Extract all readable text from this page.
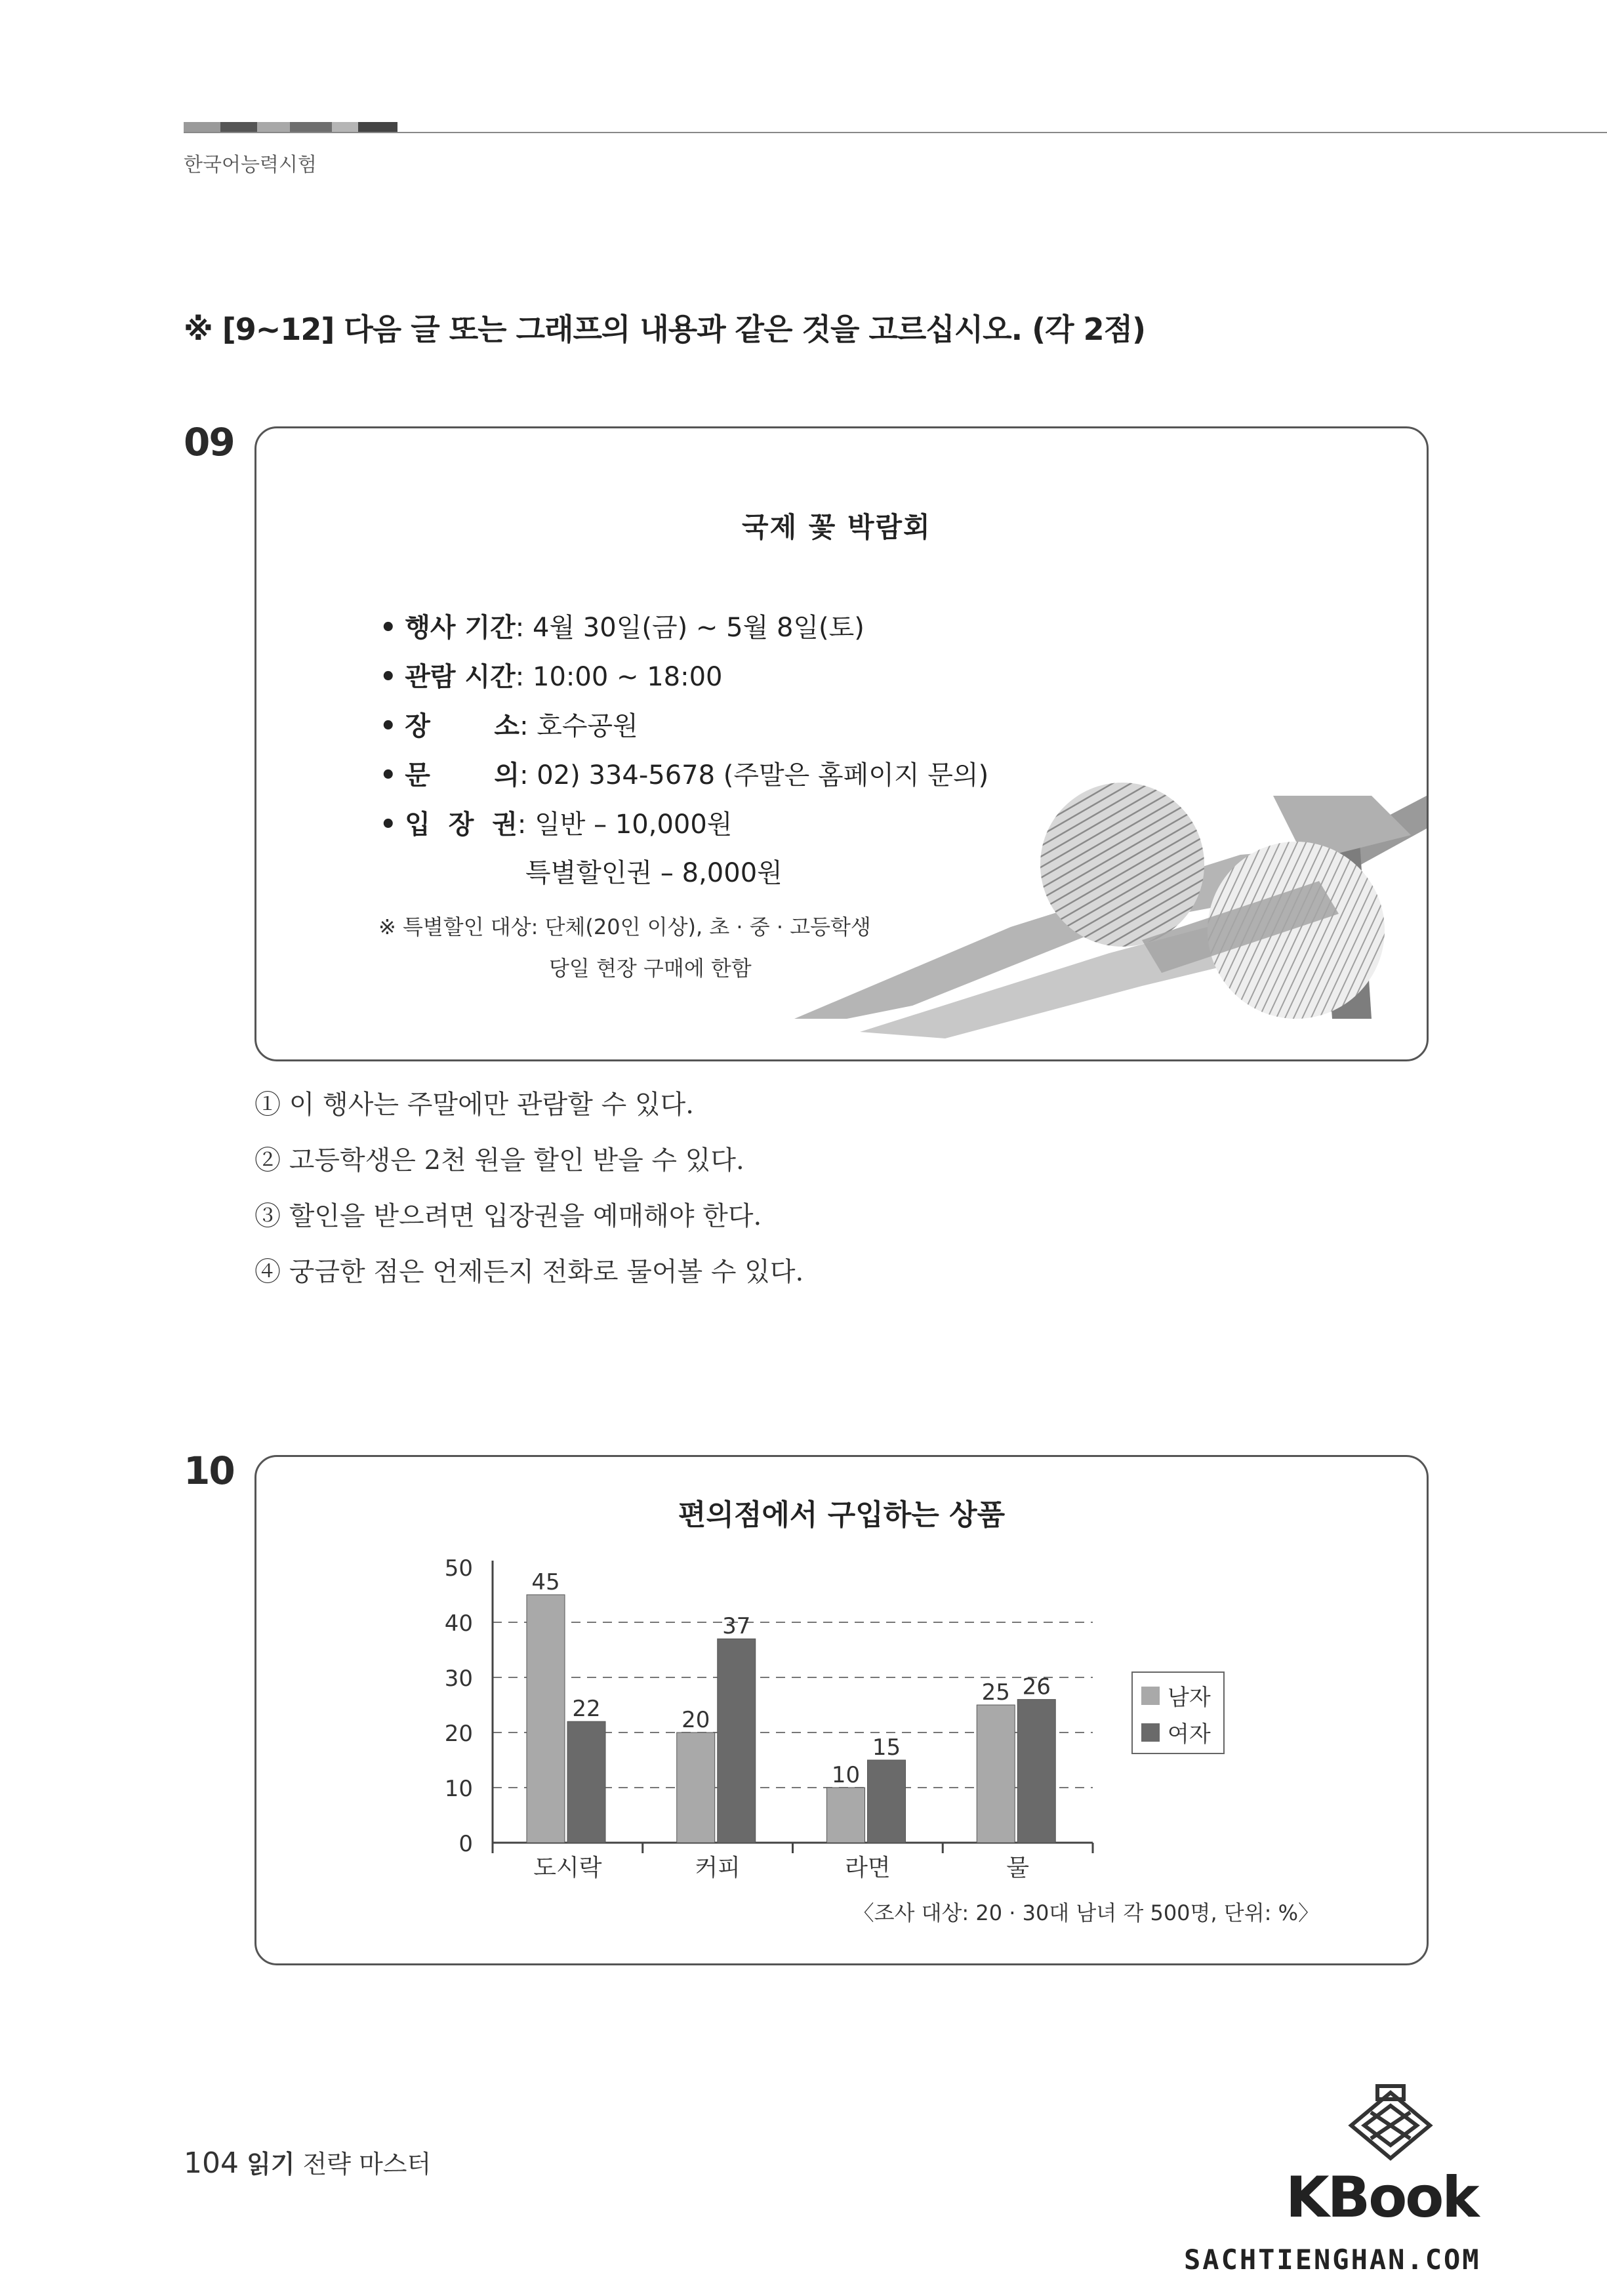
한국어능력시험
※ [9~12] 다음 글 또는 그래프의 내용과 같은 것을 고르십시오. (각 2점)
09
국제 꽃 박람회
• 행사 기간: 4월 30일(금) ~ 5월 8일(토)
• 관람 시간: 10:00 ~ 18:00
• 장       소: 호수공원
• 문       의: 02) 334-5678 (주말은 홈페이지 문의)
• 입  장  권: 일반 – 10,000원
특별할인권 – 8,000원
※ 특별할인 대상: 단체(20인 이상), 초 · 중 · 고등학생
당일 현장 구매에 한함
① 이 행사는 주말에만 관람할 수 있다.
② 고등학생은 2천 원을 할인 받을 수 있다.
③ 할인을 받으려면 입장권을 예매해야 한다.
④ 궁금한 점은 언제든지 전화로 물어볼 수 있다.
10
편의점에서 구입하는 상품
0
10
20
30
40
50
45
22
도시락
20
37
커피
10
15
라면
25 26
물
남자
여자
〈조사 대상: 20 · 30대 남녀 각 500명, 단위: %〉
104 읽기 전략 마스터
KBook
SACHTIENGHAN.COM
